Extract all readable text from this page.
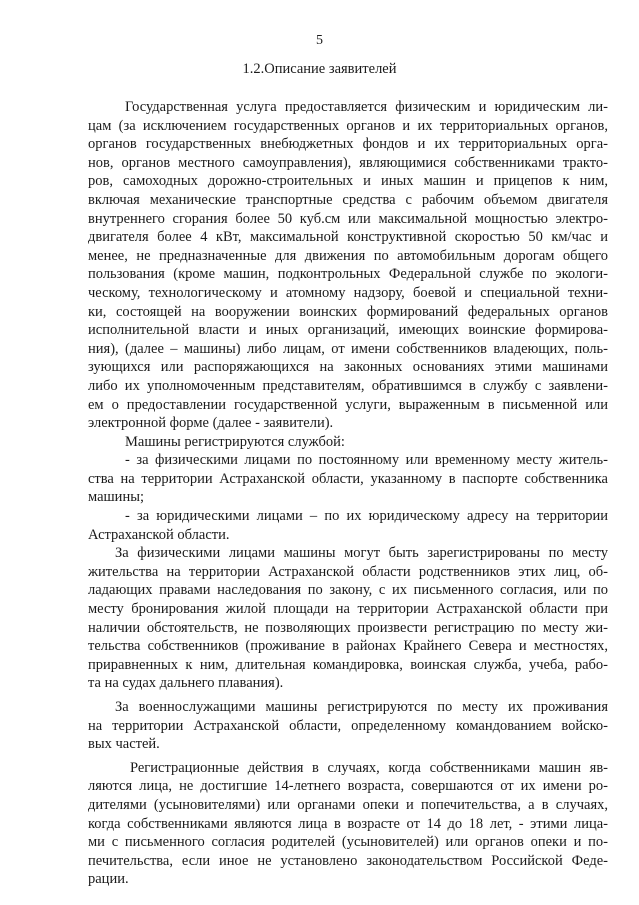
5
1.2.Описание заявителей
Государственная услуга предоставляется физическим и юридическим ли-
цам (за исключением государственных органов и их территориальных органов,
органов государственных внебюджетных фондов и их территориальных орга-
нов, органов местного самоуправления), являющимися собственниками тракто-
ров, самоходных дорожно-строительных и иных машин и прицепов к ним,
включая механические транспортные средства с рабочим объемом двигателя
внутреннего сгорания более 50 куб.см или максимальной мощностью электро-
двигателя более 4 кВт, максимальной конструктивной скоростью 50 км/час и
менее, не предназначенные для движения по автомобильным дорогам общего
пользования (кроме машин, подконтрольных Федеральной службе по экологи-
ческому, технологическому и атомному надзору, боевой и специальной техни-
ки, состоящей на вооружении воинских формирований федеральных органов
исполнительной власти и иных организаций, имеющих воинские формирова-
ния), (далее – машины) либо лицам, от имени собственников владеющих, поль-
зующихся или распоряжающихся на законных основаниях этими машинами
либо их уполномоченным представителям, обратившимся в службу с заявлени-
ем о предоставлении государственной услуги, выраженным в письменной или
электронной форме (далее - заявители).
Машины регистрируются службой:
- за физическими лицами по постоянному или временному месту житель-
ства на территории Астраханской области, указанному в паспорте собственника
машины;
- за юридическими лицами – по их юридическому адресу на территории
Астраханской области.
За физическими лицами машины могут быть зарегистрированы по месту
жительства на территории Астраханской области родственников этих лиц, об-
ладающих правами наследования по закону, с их письменного согласия, или по
месту бронирования жилой площади на территории Астраханской области при
наличии обстоятельств, не позволяющих произвести регистрацию по месту жи-
тельства собственников (проживание в районах Крайнего Севера и местностях,
приравненных к ним, длительная командировка, воинская служба, учеба, рабо-
та на судах дальнего плавания).
За военнослужащими машины регистрируются по месту их проживания
на территории Астраханской области, определенному командованием войско-
вых частей.
Регистрационные действия в случаях, когда собственниками машин яв-
ляются лица, не достигшие 14-летнего возраста, совершаются от их имени ро-
дителями (усыновителями) или органами опеки и попечительства, а в случаях,
когда собственниками являются лица в возрасте от 14 до 18 лет, - этими лица-
ми с письменного согласия родителей (усыновителей) или органов опеки и по-
печительства, если иное не установлено законодательством Российской Феде-
рации.
